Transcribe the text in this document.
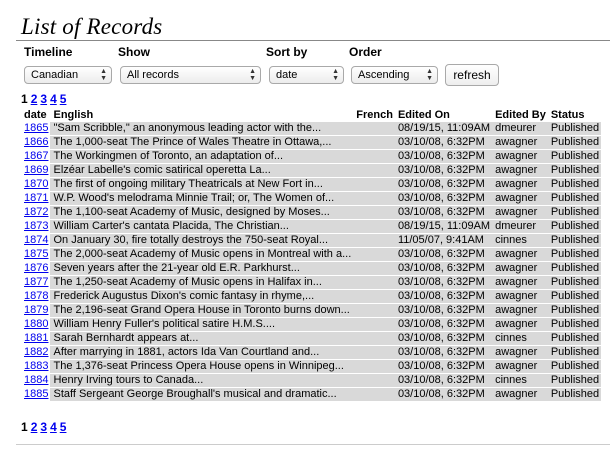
List of Records
Timeline	Show	Sort by	Order
Canadian	▲
▼	All records	▲
▼	date	▲
▼	Ascending ▲
▼	refresh
1 2 3 4 5
date	English	French	Edited On	Edited By	Status
1865	"Sam Scribble," an anonymous leading actor with the...		08/19/15, 11:09AM	dmeurer	Published
1866	The 1,000-seat The Prince of Wales Theatre in Ottawa,...		03/10/08, 6:32PM	awagner	Published
1867	The Workingmen of Toronto, an adaptation of...		03/10/08, 6:32PM	awagner	Published
1869	Elzéar Labelle's comic satirical operetta La...		03/10/08, 6:32PM	awagner	Published
1870	The first of ongoing military Theatricals at New Fort in...		03/10/08, 6:32PM	awagner	Published
1871	W.P. Wood's melodrama Minnie Trail; or, The Women of...		03/10/08, 6:32PM	awagner	Published
1872	The 1,100-seat Academy of Music, designed by Moses...		03/10/08, 6:32PM	awagner	Published
1873	William Carter's cantata Placida, The Christian...		08/19/15, 11:09AM	dmeurer	Published
1874	On January 30, fire totally destroys the 750-seat Royal...		11/05/07, 9:41AM	cinnes	Published
1875	The 2,000-seat Academy of Music opens in Montreal with a...		03/10/08, 6:32PM	awagner	Published
1876	Seven years after the 21-year old E.R. Parkhurst...		03/10/08, 6:32PM	awagner	Published
1877	The 1,250-seat Academy of Music opens in Halifax in...		03/10/08, 6:32PM	awagner	Published
1878	Frederick Augustus Dixon's comic fantasy in rhyme,...		03/10/08, 6:32PM	awagner	Published
1879	The 2,196-seat Grand Opera House in Toronto burns down...		03/10/08, 6:32PM	awagner	Published
1880	William Henry Fuller's political satire H.M.S....		03/10/08, 6:32PM	awagner	Published
1881	Sarah Bernhardt appears at...		03/10/08, 6:32PM	cinnes	Published
1882	After marrying in 1881, actors Ida Van Courtland and...		03/10/08, 6:32PM	awagner	Published
1883	The 1,376-seat Princess Opera House opens in Winnipeg...		03/10/08, 6:32PM	awagner	Published
1884	Henry Irving tours to Canada...		03/10/08, 6:32PM	cinnes	Published
1885	Staff Sergeant George Broughall's musical and dramatic...		03/10/08, 6:32PM	awagner	Published
1 2 3 4 5
